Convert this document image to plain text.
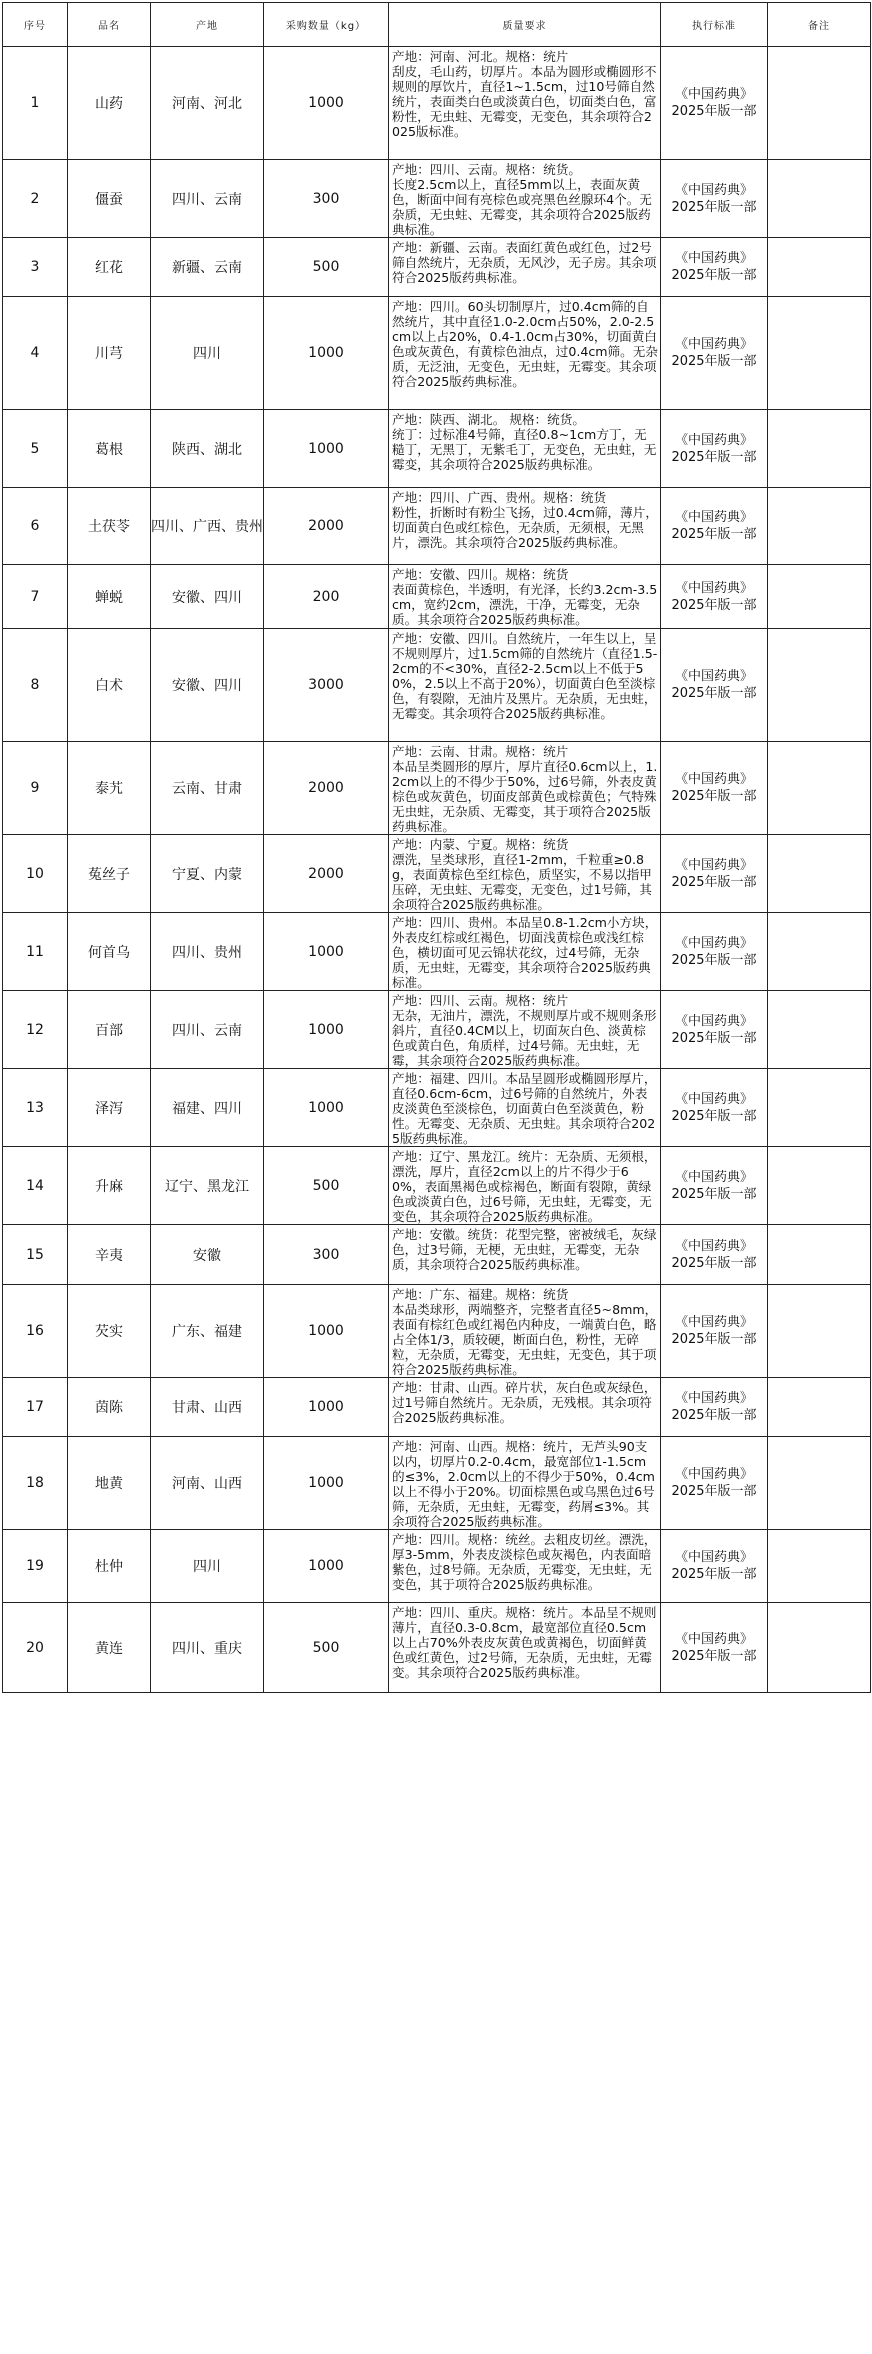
序号	品名	产地	采购数量（kg）	质量要求	执行标准	备注
1	山药	河南、河北	1000	产地：河南、河北。规格：统片
刮皮，毛山药，切厚片。本品为圆形或椭圆形不规则的厚饮片，直径1~1.5cm，过10号筛自然统片，表面类白色或淡黄白色，切面类白色，富粉性，无虫蛀、无霉变，无变色，其余项符合2025版标准。	《中国药典》2025年版一部	
2	僵蚕	四川、云南	300	产地：四川、云南。规格：统货。
长度2.5cm以上，直径5mm以上，表面灰黄色，断面中间有亮棕色或亮黑色丝腺环4个。无杂质，无虫蛀、无霉变，其余项符合2025版药典标准。	《中国药典》2025年版一部	
3	红花	新疆、云南	500	产地：新疆、云南。表面红黄色或红色，过2号筛自然统片，无杂质，无风沙，无子房。其余项符合2025版药典标准。	《中国药典》2025年版一部	
4	川芎	四川	1000	产地：四川。60头切制厚片，过0.4cm筛的自然统片，其中直径1.0-2.0cm占50%，2.0-2.5cm以上占20%，0.4-1.0cm占30%，切面黄白色或灰黄色，有黄棕色油点，过0.4cm筛。无杂质，无泛油，无变色，无虫蛀，无霉变。其余项符合2025版药典标准。	《中国药典》2025年版一部	
5	葛根	陕西、湖北	1000	产地：陕西、湖北。 规格：统货。
统丁：过标准4号筛，直径0.8~1cm方丁，无糙丁，无黑丁，无紫毛丁，无变色，无虫蛀，无霉变，其余项符合2025版药典标准。	《中国药典》2025年版一部	
6	土茯苓	四川、广西、贵州	2000	产地：四川、广西、贵州。规格：统货
粉性，折断时有粉尘飞扬，过0.4cm筛，薄片，切面黄白色或红棕色，无杂质，无须根，无黑片，漂洗。其余项符合2025版药典标准。	《中国药典》2025年版一部	
7	蝉蜕	安徽、四川	200	产地：安徽、四川。规格：统货
表面黄棕色，半透明，有光泽，长约3.2cm-3.5cm，宽约2cm，漂洗，干净，无霉变，无杂质。其余项符合2025版药典标准。	《中国药典》2025年版一部	
8	白术	安徽、四川	3000	产地：安徽、四川。自然统片，一年生以上，呈不规则厚片，过1.5cm筛的自然统片（直径1.5-2cm的不<30%，直径2-2.5cm以上不低于50%，2.5以上不高于20%），切面黄白色至淡棕色，有裂隙，无油片及黑片。无杂质，无虫蛀，无霉变。其余项符合2025版药典标准。	《中国药典》2025年版一部	
9	泰艽	云南、甘肃	2000	产地：云南、甘肃。规格：统片
本品呈类圆形的厚片，厚片直径0.6cm以上，1.2cm以上的不得少于50%，过6号筛，外表皮黄棕色或灰黄色，切面皮部黄色或棕黄色；气特殊无虫蛀，无杂质、无霉变，其于项符合2025版药典标准。	《中国药典》2025年版一部	
10	菟丝子	宁夏、内蒙	2000	产地：内蒙、宁夏。规格：统货
漂洗，呈类球形，直径1-2mm，千粒重≥0.8g，表面黄棕色至红棕色，质坚实，不易以指甲压碎，无虫蛀、无霉变，无变色，过1号筛，其余项符合2025版药典标准。	《中国药典》2025年版一部	
11	何首乌	四川、贵州	1000	产地：四川、贵州。本品呈0.8-1.2cm小方块，外表皮红棕或红褐色，切面浅黄棕色或浅红棕色，横切面可见云锦状花纹，过4号筛，无杂质，无虫蛀，无霉变，其余项符合2025版药典标准。	《中国药典》2025年版一部	
12	百部	四川、云南	1000	产地：四川、云南。规格：统片
无杂，无油片，漂洗，不规则厚片或不规则条形斜片，直径0.4CM以上，切面灰白色、淡黄棕色或黄白色，角质样，过4号筛。无虫蛀，无霉，其余项符合2025版药典标准。	《中国药典》2025年版一部	
13	泽泻	福建、四川	1000	产地：福建、四川。本品呈圆形或椭圆形厚片，直径0.6cm-6cm，过6号筛的自然统片，外表皮淡黄色至淡棕色，切面黄白色至淡黄色，粉性。无霉变、无杂质、无虫蛀。其余项符合2025版药典标准。	《中国药典》2025年版一部	
14	升麻	辽宁、黑龙江	500	产地：辽宁、黑龙江。统片：无杂质、无须根，漂洗，厚片，直径2cm以上的片不得少于60%，表面黑褐色或棕褐色，断面有裂隙，黄绿色或淡黄白色，过6号筛，无虫蛀，无霉变，无变色，其余项符合2025版药典标准。	《中国药典》2025年版一部	
15	辛夷	安徽	300	产地：安徽。统货：花型完整，密被绒毛，灰绿色，过3号筛，无梗，无虫蛀，无霉变，无杂质，其余项符合2025版药典标准。	《中国药典》2025年版一部	
16	芡实	广东、福建	1000	产地：广东、福建。规格：统货
本品类球形，两端整齐，完整者直径5~8mm，表面有棕红色或红褐色内种皮，一端黄白色，略占全体1/3，质较硬，断面白色，粉性，无碎粒，无杂质，无霉变，无虫蛀，无变色，其于项符合2025版药典标准。	《中国药典》2025年版一部	
17	茵陈	甘肃、山西	1000	产地：甘肃、山西。碎片状，灰白色或灰绿色，过1号筛自然统片。无杂质，无残根。其余项符合2025版药典标准。	《中国药典》2025年版一部	
18	地黄	河南、山西	1000	产地：河南、山西。规格：统片，无芦头90支以内，切厚片0.2-0.4cm，最宽部位1-1.5cm的≤3%，2.0cm以上的不得少于50%，0.4cm以上不得小于20%。切面棕黑色或乌黑色过6号筛，无杂质，无虫蛀，无霉变，药屑≤3%。其余项符合2025版药典标准。	《中国药典》2025年版一部	
19	杜仲	四川	1000	产地：四川。规格：统丝。去粗皮切丝。漂洗，厚3-5mm，外表皮淡棕色或灰褐色，内表面暗紫色，过8号筛。无杂质，无霉变，无虫蛀，无变色，其于项符合2025版药典标准。	《中国药典》2025年版一部	
20	黄连	四川、重庆	500	产地：四川、重庆。规格：统片。本品呈不规则薄片，直径0.3-0.8cm，最宽部位直径0.5cm以上占70%外表皮灰黄色或黄褐色，切面鲜黄色或红黄色，过2号筛，无杂质，无虫蛀，无霉变。其余项符合2025版药典标准。	《中国药典》2025年版一部	
